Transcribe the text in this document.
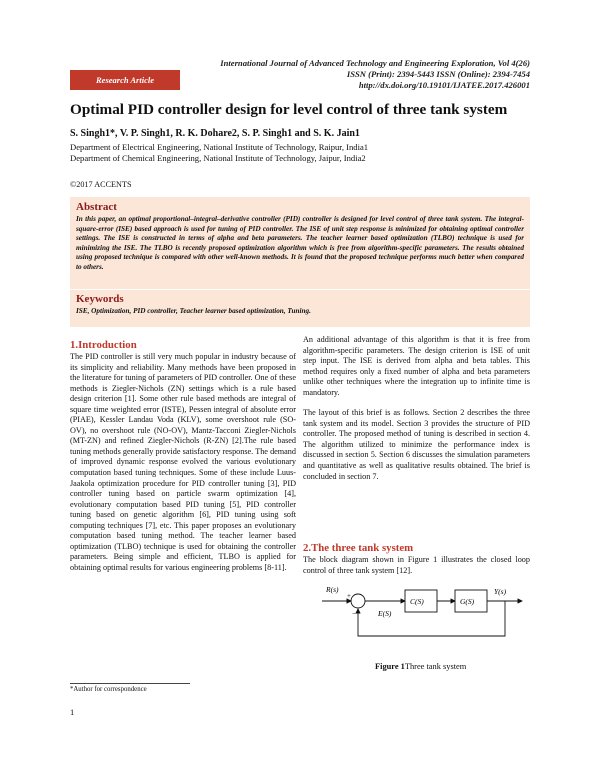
International Journal of Advanced Technology and Engineering Exploration, Vol 4(26)
ISSN (Print): 2394-5443 ISSN (Online): 2394-7454
http://dx.doi.org/10.19101/IJATEE.2017.426001
Research Article
Optimal PID controller design for level control of three tank system
S. Singh1*, V. P. Singh1, R. K. Dohare2, S. P. Singh1 and S. K. Jain1
Department of Electrical Engineering, National Institute of Technology, Raipur, India1
Department of Chemical Engineering, National Institute of Technology, Jaipur, India2
©2017 ACCENTS
Abstract

In this paper, an optimal proportional–integral–derivative controller (PID) controller is designed for level control of three tank system. The integral-square-error (ISE) based approach is used for tuning of PID controller. The ISE of unit step response is minimized for obtaining optimal controller settings. The ISE is constructed in terms of alpha and beta parameters. The teacher learner based optimization (TLBO) technique is used for minimizing the ISE. The TLBO is recently proposed optimization algorithm which is free from algorithm-specific parameters. The results obtained using proposed technique is compared with other well-known methods. It is found that the proposed technique performs much better when compared to others.

Keywords

ISE, Optimization, PID controller, Teacher learner based optimization, Tuning.

1.Introduction

The PID controller is still very much popular in industry because of its simplicity and reliability. Many methods have been proposed in the literature for tuning of parameters of PID controller. One of these methods is Ziegler-Nichols (ZN) settings which is a rule based design criterion [1]. Some other rule based methods are integral of square time weighted error (ISTE), Pessen integral of absolute error (PIAE), Kessler Landau Voda (KLV), some overshoot rule (SO-OV), no overshoot rule (NO-OV), Mantz-Tacconi Ziegler-Nichols (MT-ZN) and refined Ziegler-Nichols (R-ZN) [2].The rule based tuning methods generally provide satisfactory response. The demand of improved dynamic response evolved the various evolutionary computation based tuning techniques. Some of these include Luus-Jaakola optimization procedure for PID controller tuning [3], PID controller tuning based on particle swarm optimization [4], evolutionary computation based PID tuning [5], PID controller tuning based on genetic algorithm [6], PID tuning using soft computing techniques [7], etc. This paper proposes an evolutionary computation based tuning method. The teacher learner based optimization (TLBO) technique is used for obtaining the controller parameters. Being simple and efficient, TLBO is applied for obtaining optimal results for various engineering problems [8-11].

An additional advantage of this algorithm is that it is free from algorithm-specific parameters. The design criterion is ISE of unit step input. The ISE is derived from alpha and beta tables. This method requires only a fixed number of alpha and beta parameters unlike other techniques where the integration up to infinite time is mandatory.

The layout of this brief is as follows. Section 2 describes the three tank system and its model. Section 3 provides the structure of PID controller. The proposed method of tuning is described in section 4. The algorithm utilized to minimize the performance index is discussed in section 5. Section 6 discusses the simulation parameters and quantitative as well as qualitative results obtained. The brief is concluded in section 7.

2.The three tank system
The block diagram shown in Figure 1 illustrates the closed loop control of three tank system [12].
R(s)
+
−	E(S)
C(S)	G(S)
Y(s)
Figure 1Three tank system
*Author for correspondence
1
